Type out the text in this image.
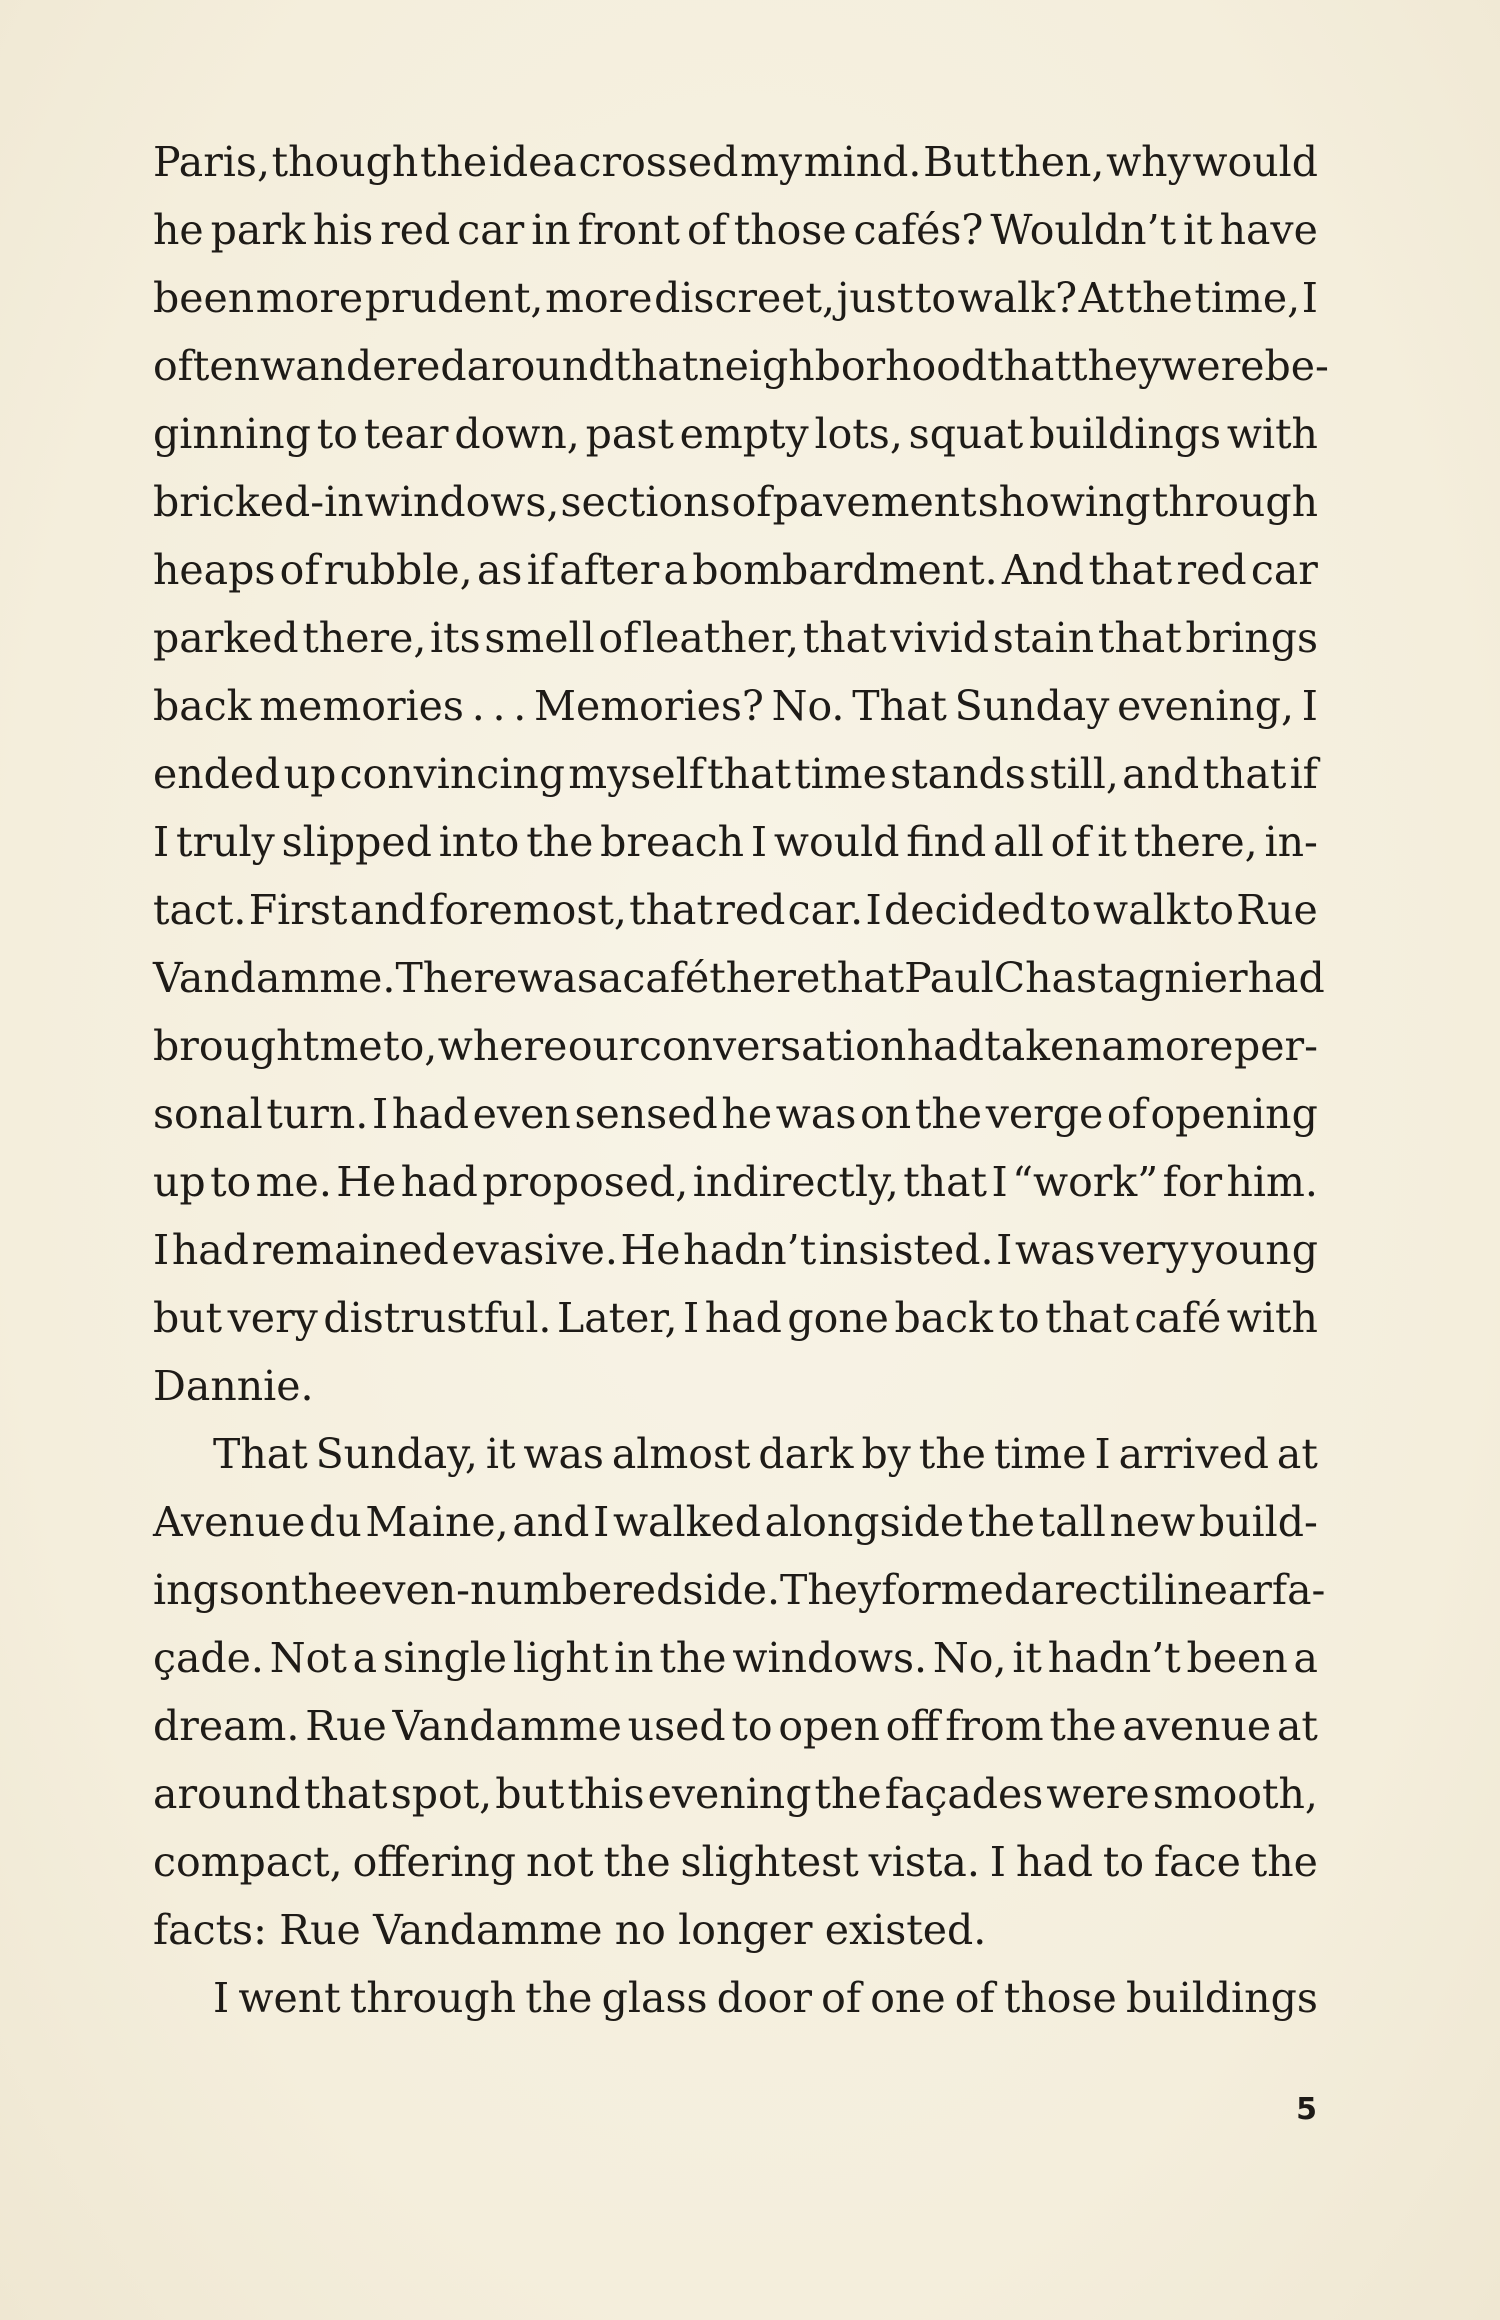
Paris, though the idea crossed my mind. But then, why would
he park his red car in front of those cafés? Wouldn’t it have
been more prudent, more discreet, just to walk? At the time, I
often wandered around that neighborhood that they were be-
ginning to tear down, past empty lots, squat buildings with
bricked-in windows, sections of pavement showing through
heaps of rubble, as if after a bombardment. And that red car
parked there, its smell of leather, that vivid stain that brings
back memories . . . Memories? No. That Sunday evening, I
ended up convincing myself that time stands still, and that if
I truly slipped into the breach I would find all of it there, in-
tact. First and foremost, that red car. I decided to walk to Rue
Vandamme. There was a café there that Paul Chastagnier had
brought me to, where our conversation had taken a more per-
sonal turn. I had even sensed he was on the verge of opening
up to me. He had proposed, indirectly, that I “work” for him.
I had remained evasive. He hadn’t insisted. I was very young
but very distrustful. Later, I had gone back to that café with
Dannie.
That Sunday, it was almost dark by the time I arrived at
Avenue du Maine, and I walked alongside the tall new build-
ings on the even-numbered side. They formed a rectilinear fa-
çade. Not a single light in the windows. No, it hadn’t been a
dream. Rue Vandamme used to open off from the avenue at
around that spot, but this evening the façades were smooth,
compact, offering not the slightest vista. I had to face the
facts: Rue Vandamme no longer existed.
I went through the glass door of one of those buildings
5
